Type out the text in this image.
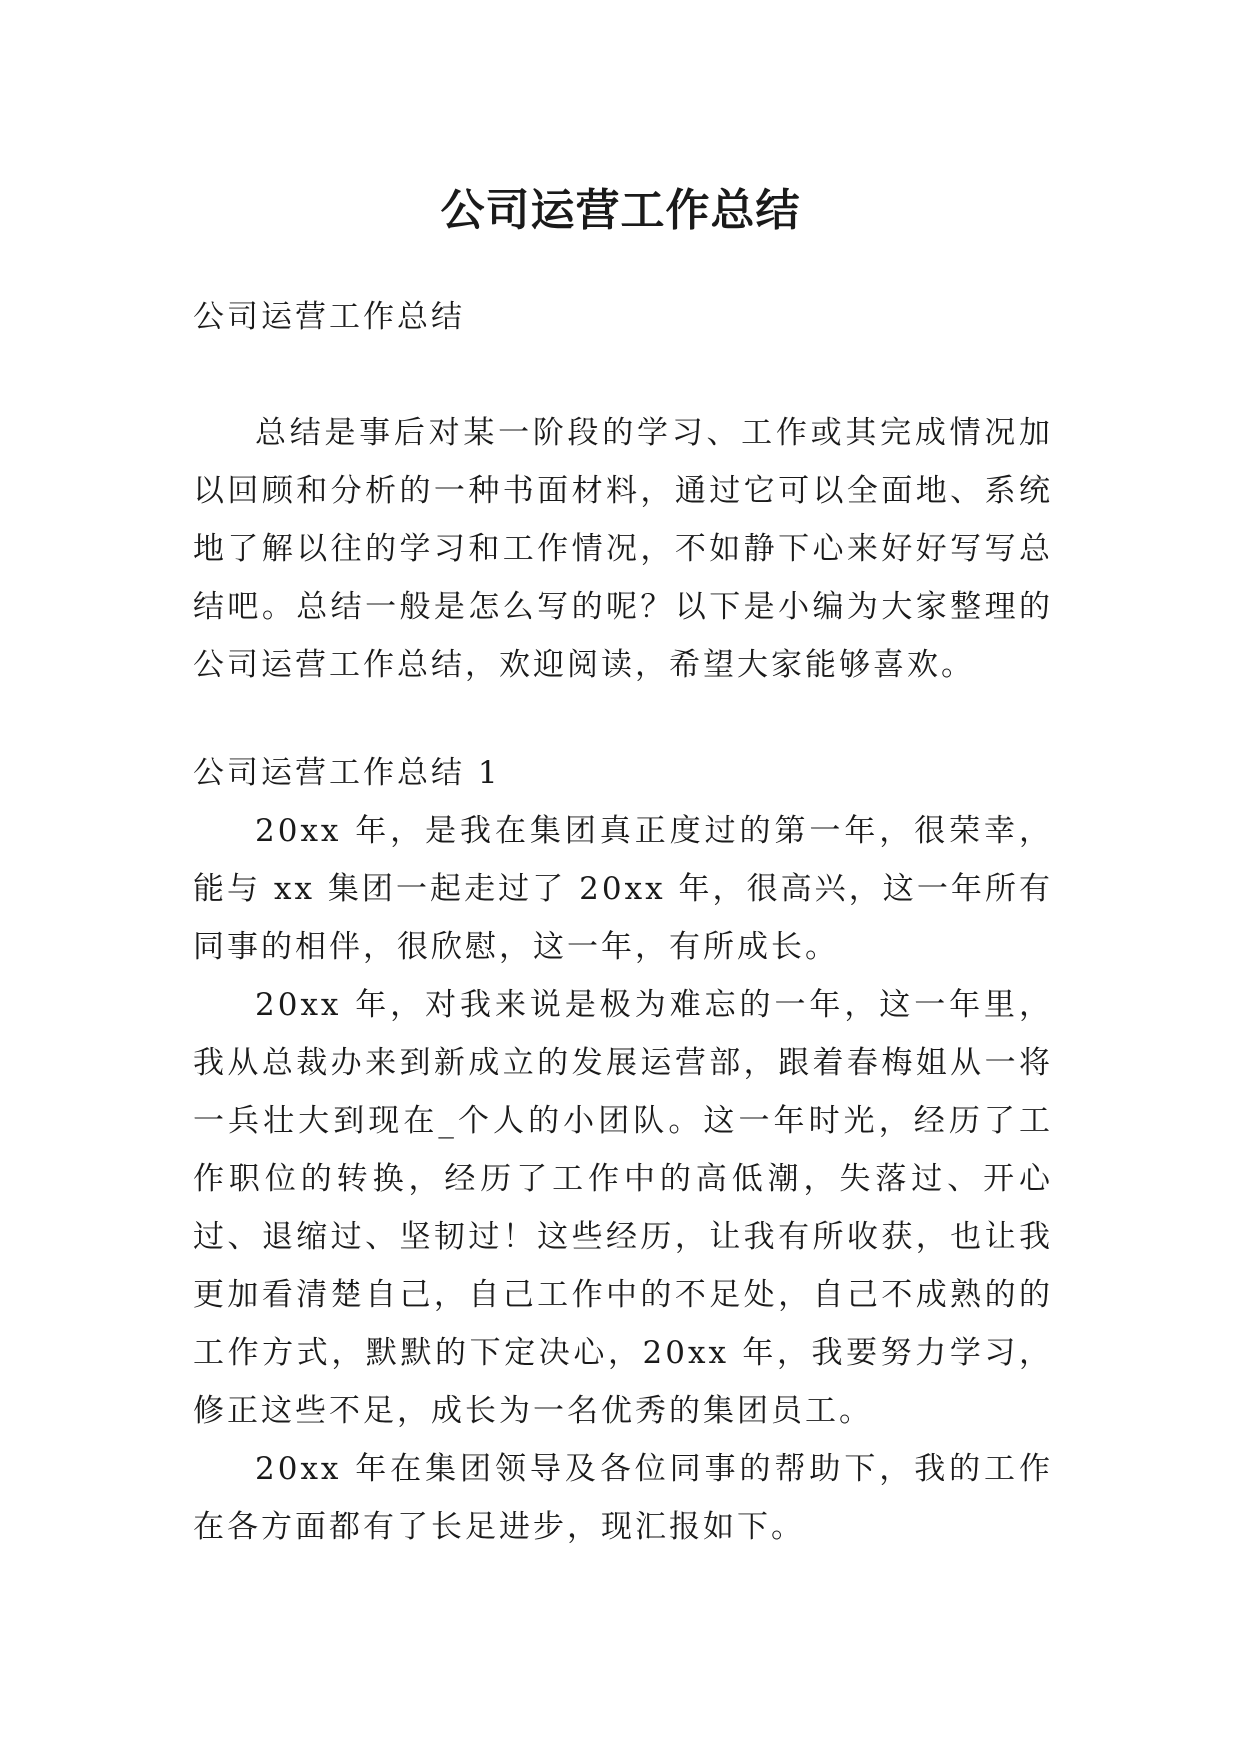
公司运营工作总结

公司运营工作总结

总结是事后对某一阶段的学习、工作或其完成情况加以回顾和分析的一种书面材料，通过它可以全面地、系统地了解以往的学习和工作情况，不如静下心来好好写写总结吧。总结一般是怎么写的呢？以下是小编为大家整理的公司运营工作总结，欢迎阅读，希望大家能够喜欢。

公司运营工作总结 1

20xx 年，是我在集团真正度过的第一年，很荣幸，能与 xx 集团一起走过了 20xx 年，很高兴，这一年所有同事的相伴，很欣慰，这一年，有所成长。

20xx 年，对我来说是极为难忘的一年，这一年里，我从总裁办来到新成立的发展运营部，跟着春梅姐从一将一兵壮大到现在_个人的小团队。这一年时光，经历了工作职位的转换，经历了工作中的高低潮，失落过、开心过、退缩过、坚韧过！这些经历，让我有所收获，也让我更加看清楚自己，自己工作中的不足处，自己不成熟的的工作方式，默默的下定决心，20xx 年，我要努力学习，修正这些不足，成长为一名优秀的集团员工。

20xx 年在集团领导及各位同事的帮助下，我的工作在各方面都有了长足进步，现汇报如下。
